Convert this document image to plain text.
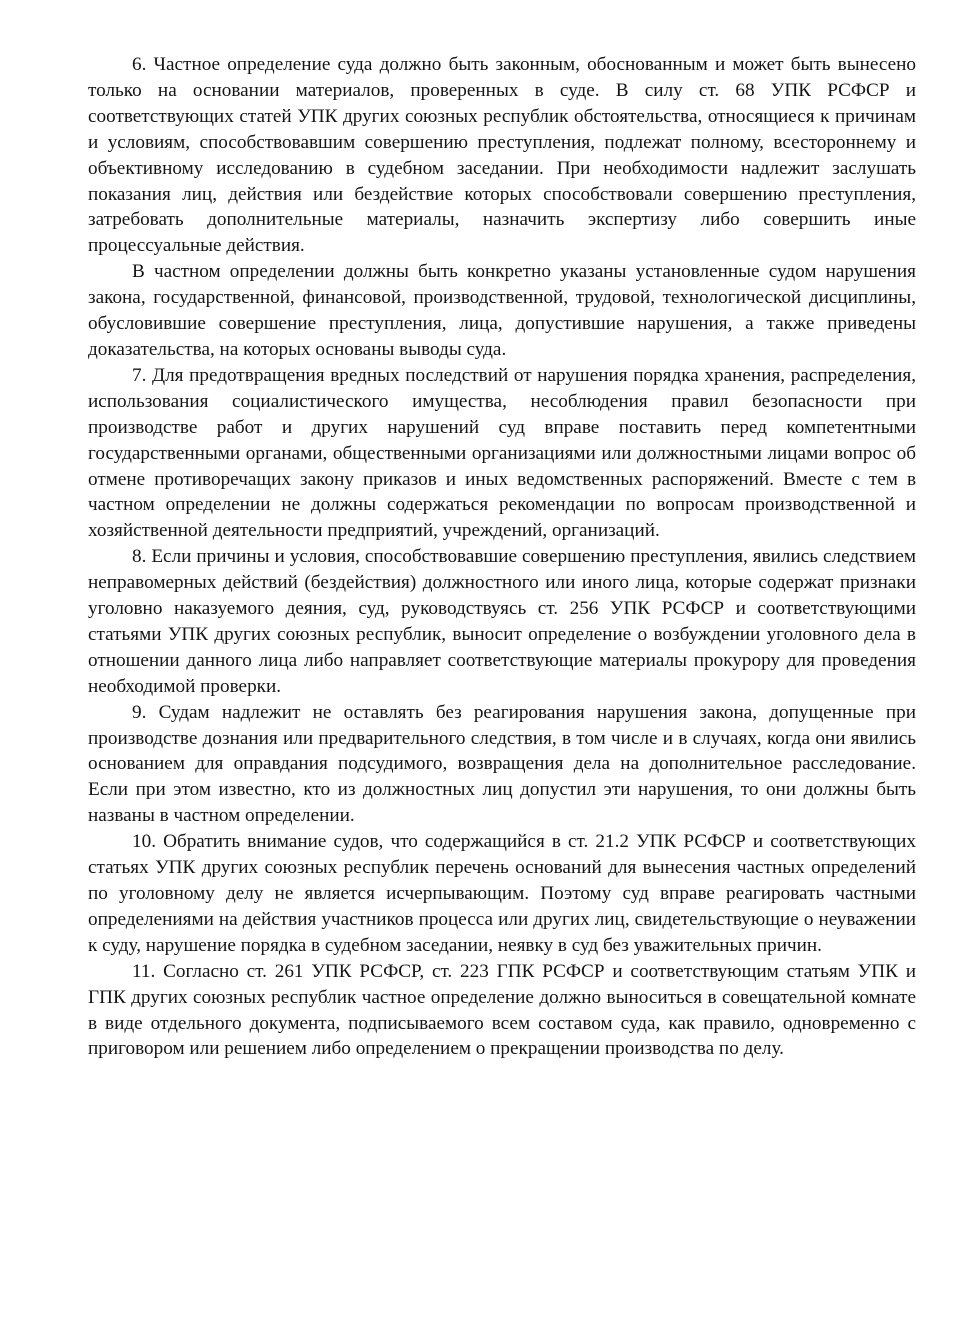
6. Частное определение суда должно быть законным, обоснованным и может быть вынесено только на основании материалов, проверенных в суде. В силу ст. 68 УПК РСФСР и соответствующих статей УПК других союзных республик обстоятельства, относящиеся к причинам и условиям, способствовавшим совершению преступления, подлежат полному, всестороннему и объективному исследованию в судебном заседании. При необходимости надлежит заслушать показания лиц, действия или бездействие которых способствовали совершению преступления, затребовать дополнительные материалы, назначить экспертизу либо совершить иные процессуальные действия.

В частном определении должны быть конкретно указаны установленные судом нарушения закона, государственной, финансовой, производственной, трудовой, технологической дисциплины, обусловившие совершение преступления, лица, допустившие нарушения, а также приведены доказательства, на которых основаны выводы суда.

7. Для предотвращения вредных последствий от нарушения порядка хранения, распределения, использования социалистического имущества, несоблюдения правил безопасности при производстве работ и других нарушений суд вправе поставить перед компетентными государственными органами, общественными организациями или должностными лицами вопрос об отмене противоречащих закону приказов и иных ведомственных распоряжений. Вместе с тем в частном определении не должны содержаться рекомендации по вопросам производственной и хозяйственной деятельности предприятий, учреждений, организаций.

8. Если причины и условия, способствовавшие совершению преступления, явились следствием неправомерных действий (бездействия) должностного или иного лица, которые содержат признаки уголовно наказуемого деяния, суд, руководствуясь ст. 256 УПК РСФСР и соответствующими статьями УПК других союзных республик, выносит определение о возбуждении уголовного дела в отношении данного лица либо направляет соответствующие материалы прокурору для проведения необходимой проверки.

9. Судам надлежит не оставлять без реагирования нарушения закона, допущенные при производстве дознания или предварительного следствия, в том числе и в случаях, когда они явились основанием для оправдания подсудимого, возвращения дела на дополнительное расследование. Если при этом известно, кто из должностных лиц допустил эти нарушения, то они должны быть названы в частном определении.

10. Обратить внимание судов, что содержащийся в ст. 21.2 УПК РСФСР и соответствующих статьях УПК других союзных республик перечень оснований для вынесения частных определений по уголовному делу не является исчерпывающим. Поэтому суд вправе реагировать частными определениями на действия участников процесса или других лиц, свидетельствующие о неуважении к суду, нарушение порядка в судебном заседании, неявку в суд без уважительных причин.

11. Согласно ст. 261 УПК РСФСР, ст. 223 ГПК РСФСР и соответствующим статьям УПК и ГПК других союзных республик частное определение должно выноситься в совещательной комнате в виде отдельного документа, подписываемого всем составом суда, как правило, одновременно с приговором или решением либо определением о прекращении производства по делу.
